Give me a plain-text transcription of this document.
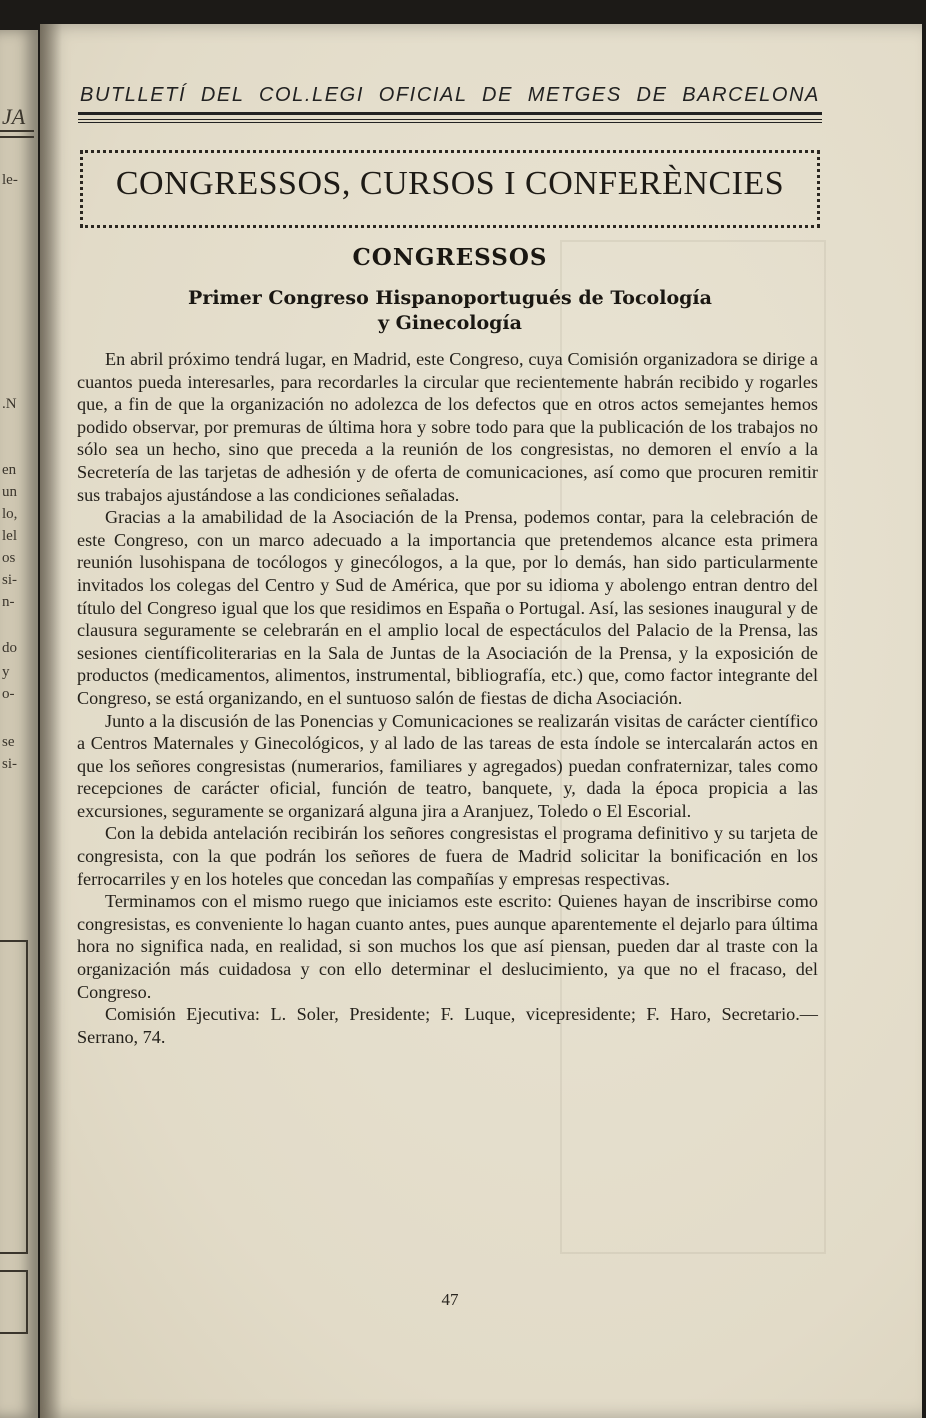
JA
le-
.N
en
un
lo,
lel
os
si-
n-
do
y
o-
se
si-
BUTLLETÍ DEL COL.LEGI OFICIAL DE METGES DE BARCELONA
CONGRESSOS, CURSOS I CONFERÈNCIES
CONGRESSOS
Primer Congreso Hispanoportugués de Tocología
y Ginecología

En abril próximo tendrá lugar, en Madrid, este Congreso, cuya Comisión organizadora se dirige a cuantos pueda interesarles, para recordarles la circular que recientemente habrán recibido y rogarles que, a fin de que la organización no adolezca de los defectos que en otros actos semejantes hemos podido observar, por premuras de última hora y sobre todo para que la publicación de los trabajos no sólo sea un hecho, sino que preceda a la reunión de los congresistas, no demoren el envío a la Secretería de las tarjetas de adhesión y de oferta de comunicaciones, así como que procuren remitir sus trabajos ajustándose a las condiciones señaladas.

Gracias a la amabilidad de la Asociación de la Prensa, podemos contar, para la celebración de este Congreso, con un marco adecuado a la importancia que pretendemos alcance esta primera reunión lusohispana de tocólogos y ginecólogos, a la que, por lo demás, han sido particularmente invitados los colegas del Centro y Sud de América, que por su idioma y abolengo entran dentro del título del Congreso igual que los que residimos en España o Portugal. Así, las sesiones inaugural y de clausura seguramente se celebrarán en el amplio local de espectáculos del Palacio de la Prensa, las sesiones científicoliterarias en la Sala de Juntas de la Asociación de la Prensa, y la exposición de productos (medicamentos, alimentos, instrumental, bibliografía, etc.) que, como factor integrante del Congreso, se está organizando, en el suntuoso salón de fiestas de dicha Asociación.

Junto a la discusión de las Ponencias y Comunicaciones se realizarán visitas de carácter científico a Centros Maternales y Ginecológicos, y al lado de las tareas de esta índole se intercalarán actos en que los señores congresistas (numerarios, familiares y agregados) puedan confraternizar, tales como recepciones de carácter oficial, función de teatro, banquete, y, dada la época propicia a las excursiones, seguramente se organizará alguna jira a Aranjuez, Toledo o El Escorial.

Con la debida antelación recibirán los señores congresistas el programa definitivo y su tarjeta de congresista, con la que podrán los señores de fuera de Madrid solicitar la bonificación en los ferrocarriles y en los hoteles que concedan las compañías y empresas respectivas.

Terminamos con el mismo ruego que iniciamos este escrito: Quienes hayan de inscribirse como congresistas, es conveniente lo hagan cuanto antes, pues aunque aparentemente el dejarlo para última hora no significa nada, en realidad, si son muchos los que así piensan, pueden dar al traste con la organización más cuidadosa y con ello determinar el deslucimiento, ya que no el fracaso, del Congreso.

Comisión Ejecutiva: L. Soler, Presidente; F. Luque, vicepresidente; F. Haro, Secretario.—Serrano, 74.

47
